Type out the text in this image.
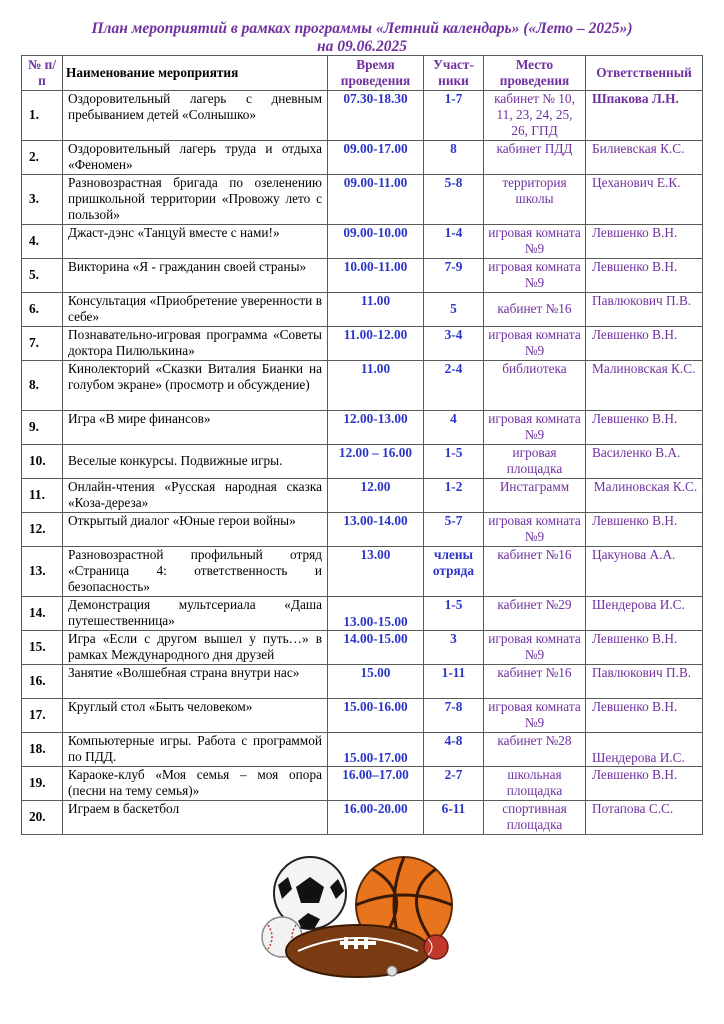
План мероприятий в рамках программы «Летний календарь» («Лето – 2025»)
на 09.06.2025
№ п/п	Наименование мероприятия	Время проведения	Участ-ники	Место проведения	Ответственный
1.	Оздоровительный лагерь с дневным пребыванием детей «Солнышко»	07.30-18.30	1-7	кабинет № 10, 11, 23, 24, 25, 26, ГПД	Шпакова Л.Н.
2.	Оздоровительный лагерь труда и отдыха «Феномен»	09.00-17.00	8	кабинет ПДД	Билиевская К.С.
3.	Разновозрастная бригада по озеленению пришкольной территории «Провожу лето с пользой»	09.00-11.00	5-8	территория школы	Цеханович Е.К.
4.	Джаст-дэнс «Танцуй вместе с нами!»	09.00-10.00	1-4	игровая комната №9	Левшенко В.Н.
5.	Викторина «Я - гражданин своей страны»	10.00-11.00	7-9	игровая комната №9	Левшенко В.Н.
6.	Консультация «Приобретение уверенности в себе»	11.00	5	кабинет №16	Павлюкович П.В.
7.	Познавательно-игровая программа «Советы доктора Пилюлькина»	11.00-12.00	3-4	игровая комната №9	Левшенко В.Н.
8.	Кинолекторий «Сказки Виталия Бианки на голубом экране» (просмотр и обсуждение)	11.00	2-4	библиотека	Малиновская К.С.
9.	Игра «В мире финансов»	12.00-13.00	4	игровая комната №9	Левшенко В.Н.
10.	Веселые конкурсы. Подвижные игры.	12.00 – 16.00	1-5	игровая площадка	Василенко В.А.
11.	Онлайн-чтения «Русская народная сказка «Коза-дереза»	12.00	1-2	Инстаграмм	Малиновская К.С.
12.	Открытый диалог «Юные герои войны»	13.00-14.00	5-7	игровая комната №9	Левшенко В.Н.
13.	Разновозрастной профильный отряд «Страница 4: ответственность и безопасность»	13.00	члены отряда	кабинет №16	Цакунова А.А.
14.	Демонстрация мультсериала «Даша путешественница»	13.00-15.00	1-5	кабинет №29	Шендерова И.С.
15.	Игра «Если с другом вышел у путь…» в рамках Международного дня друзей	14.00-15.00	3	игровая комната №9	Левшенко В.Н.
16.	Занятие «Волшебная страна внутри нас»	15.00	1-11	кабинет №16	Павлюкович П.В.
17.	Круглый стол «Быть человеком»	15.00-16.00	7-8	игровая комната №9	Левшенко В.Н.
18.	Компьютерные игры. Работа с программой по ПДД.	15.00-17.00	4-8	кабинет №28	Шендерова И.С.
19.	Караоке-клуб «Моя семья – моя опора (песни на тему семья)»	16.00–17.00	2-7	школьная площадка	Левшенко В.Н.
20.	Играем в баскетбол	16.00-20.00	6-11	спортивная площадка	Потапова С.С.
